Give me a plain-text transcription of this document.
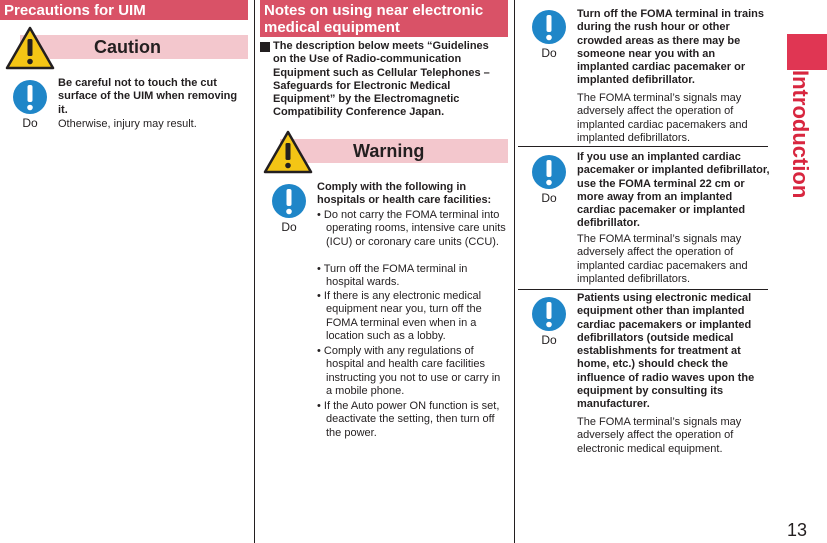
Precautions for UIM
Caution
Do
Be careful not to touch the cut surface of the UIM when removing it.
Otherwise, injury may result.
Notes on using near electronic
medical equipment
The description below meets “Guidelines on the Use of Radio-communication Equipment such as Cellular Telephones – Safeguards for Electronic Medical Equipment” by the Electromagnetic Compatibility Conference Japan.
Warning
Do
Comply with the following in hospitals or health care facilities:
• Do not carry the FOMA terminal into operating rooms, intensive care units (ICU) or coronary care units (CCU).
• Turn off the FOMA terminal in hospital wards.
• If there is any electronic medical equipment near you, turn off the FOMA terminal even when in a location such as a lobby.
• Comply with any regulations of hospital and health care facilities instructing you not to use or carry in a mobile phone.
• If the Auto power ON function is set, deactivate the setting, then turn off the power.
Do
Turn off the FOMA terminal in trains during the rush hour or other crowded areas as there may be someone near you with an implanted cardiac pacemaker or implanted defibrillator.
The FOMA terminal’s signals may adversely affect the operation of implanted cardiac pacemakers and implanted defibrillators.
Do
If you use an implanted cardiac pacemaker or implanted defibrillator, use the FOMA terminal 22 cm or more away from an implanted cardiac pacemaker or implanted defibrillator.
The FOMA terminal’s signals may adversely affect the operation of implanted cardiac pacemakers and implanted defibrillators.
Do
Patients using electronic medical equipment other than implanted cardiac pacemakers or implanted defibrillators (outside medical establishments for treatment at home, etc.) should check the influence of radio waves upon the equipment by consulting its manufacturer.
The FOMA terminal’s signals may adversely affect the operation of electronic medical equipment.
Introduction
13
